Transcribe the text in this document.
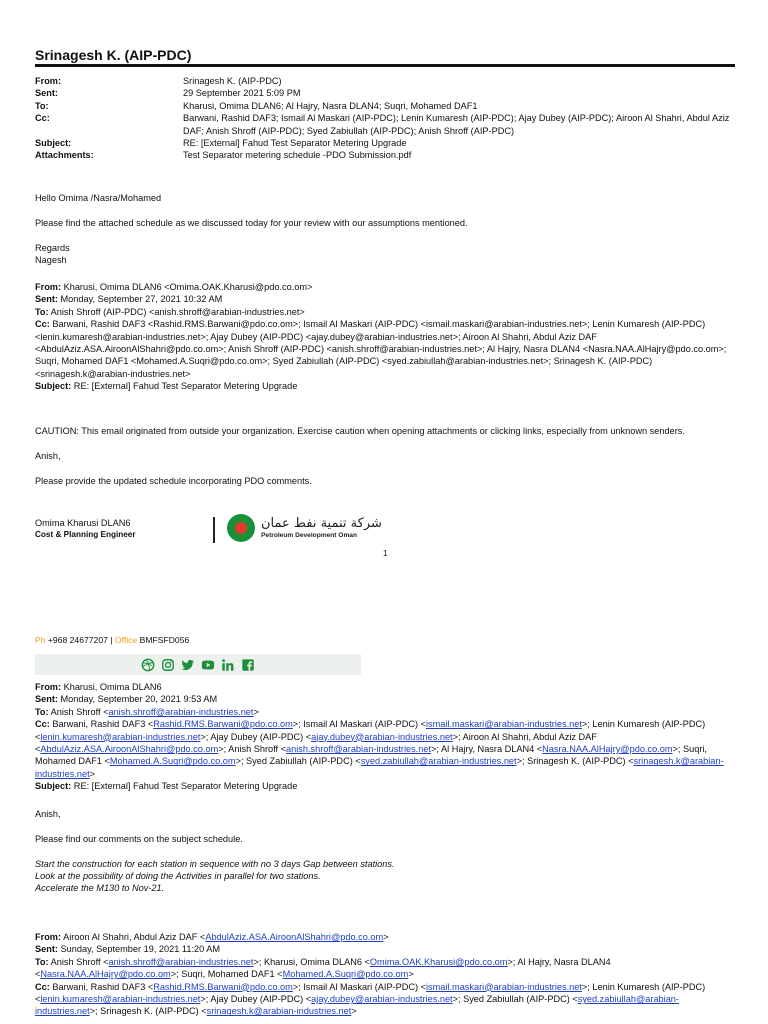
Srinagesh K. (AIP-PDC)
From:	Srinagesh K. (AIP-PDC)
Sent:	29 September 2021 5:09 PM
To:	Kharusi, Omima DLAN6; Al Hajry, Nasra DLAN4; Suqri, Mohamed DAF1
Cc:	Barwani, Rashid DAF3; Ismail Al Maskari (AIP-PDC); Lenin Kumaresh (AIP-PDC); Ajay Dubey (AIP-PDC); Airoon Al Shahri, Abdul Aziz DAF; Anish Shroff (AIP-PDC); Syed Zabiullah (AIP-PDC); Anish Shroff (AIP-PDC)
Subject:	RE: [External] Fahud Test Separator Metering Upgrade
Attachments:	Test Separator metering schedule -PDO Submission.pdf

Hello Omima /Nasra/Mohamed

Please find the attached schedule as we discussed today for your review with our assumptions mentioned.

Regards

Nagesh

From: Kharusi, Omima DLAN6 <Omima.OAK.Kharusi@pdo.co.om>

Sent: Monday, September 27, 2021 10:32 AM

To: Anish Shroff (AIP-PDC) <anish.shroff@arabian-industries.net>

Cc: Barwani, Rashid DAF3 <Rashid.RMS.Barwani@pdo.co.om>; Ismail Al Maskari (AIP-PDC) <ismail.maskari@arabian-industries.net>; Lenin Kumaresh (AIP-PDC) <lenin.kumaresh@arabian-industries.net>; Ajay Dubey (AIP-PDC) <ajay.dubey@arabian-industries.net>; Airoon Al Shahri, Abdul Aziz DAF <AbdulAziz.ASA.AiroonAlShahri@pdo.co.om>; Anish Shroff (AIP-PDC) <anish.shroff@arabian-industries.net>; Al Hajry, Nasra DLAN4 <Nasra.NAA.AlHajry@pdo.co.om>; Suqri, Mohamed DAF1 <Mohamed.A.Suqri@pdo.co.om>; Syed Zabiullah (AIP-PDC) <syed.zabiullah@arabian-industries.net>; Srinagesh K. (AIP-PDC) <srinagesh.k@arabian-industries.net>

Subject: RE: [External] Fahud Test Separator Metering Upgrade

CAUTION: This email originated from outside your organization. Exercise caution when opening attachments or clicking links, especially from unknown senders.

Anish,

Please provide the updated schedule incorporating PDO comments.

Omima Kharusi DLAN6

Cost & Planning Engineer

شركة تنمية نفط عمان
Petroleum Development Oman
1
Ph +968 24677207 | Office BMFSFD056

From: Kharusi, Omima DLAN6

Sent: Monday, September 20, 2021 9:53 AM

To: Anish Shroff <anish.shroff@arabian-industries.net>

Cc: Barwani, Rashid DAF3 <Rashid.RMS.Barwani@pdo.co.om>; Ismail Al Maskari (AIP-PDC) <ismail.maskari@arabian-industries.net>; Lenin Kumaresh (AIP-PDC) <lenin.kumaresh@arabian-industries.net>; Ajay Dubey (AIP-PDC) <ajay.dubey@arabian-industries.net>; Airoon Al Shahri, Abdul Aziz DAF <AbdulAziz.ASA.AiroonAlShahri@pdo.co.om>; Anish Shroff <anish.shroff@arabian-industries.net>; Al Hajry, Nasra DLAN4 <Nasra.NAA.AlHajry@pdo.co.om>; Suqri, Mohamed DAF1 <Mohamed.A.Suqri@pdo.co.om>; Syed Zabiullah (AIP-PDC) <syed.zabiullah@arabian-industries.net>; Srinagesh K. (AIP-PDC) <srinagesh.k@arabian-industries.net>

Subject: RE: [External] Fahud Test Separator Metering Upgrade

Anish,

Please find our comments on the subject schedule.

Start the construction for each station in sequence with no 3 days Gap between stations.

Look at the possibility of doing the Activities in parallel for two stations.

Accelerate the M130 to Nov-21.

From: Airoon Al Shahri, Abdul Aziz DAF <AbdulAziz.ASA.AiroonAlShahri@pdo.co.om>

Sent: Sunday, September 19, 2021 11:20 AM

To: Anish Shroff <anish.shroff@arabian-industries.net>; Kharusi, Omima DLAN6 <Omima.OAK.Kharusi@pdo.co.om>; Al Hajry, Nasra DLAN4 <Nasra.NAA.AlHajry@pdo.co.om>; Suqri, Mohamed DAF1 <Mohamed.A.Suqri@pdo.co.om>

Cc: Barwani, Rashid DAF3 <Rashid.RMS.Barwani@pdo.co.om>; Ismail Al Maskari (AIP-PDC) <ismail.maskari@arabian-industries.net>; Lenin Kumaresh (AIP-PDC) <lenin.kumaresh@arabian-industries.net>; Ajay Dubey (AIP-PDC) <ajay.dubey@arabian-industries.net>; Syed Zabiullah (AIP-PDC) <syed.zabiullah@arabian-industries.net>; Srinagesh K. (AIP-PDC) <srinagesh.k@arabian-industries.net>
